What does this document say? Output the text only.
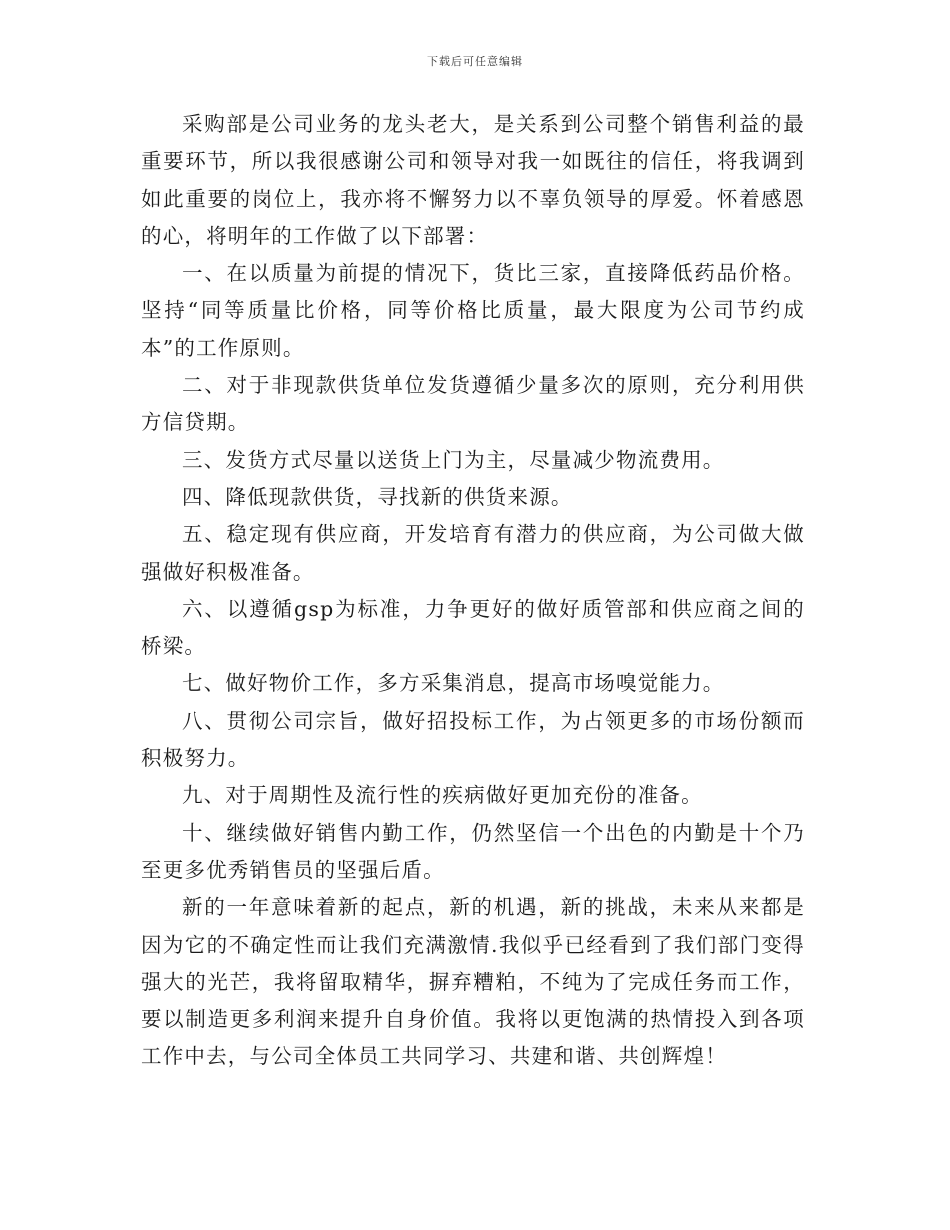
下载后可任意编辑

采购部是公司业务的龙头老大，是关系到公司整个销售利益的最重要环节，所以我很感谢公司和领导对我一如既往的信任，将我调到如此重要的岗位上，我亦将不懈努力以不辜负领导的厚爱。怀着感恩的心，将明年的工作做了以下部署：

一、在以质量为前提的情况下，货比三家，直接降低药品价格。坚持“同等质量比价格，同等价格比质量，最大限度为公司节约成本”的工作原则。

二、对于非现款供货单位发货遵循少量多次的原则，充分利用供方信贷期。

三、发货方式尽量以送货上门为主，尽量减少物流费用。

四、降低现款供货，寻找新的供货来源。

五、稳定现有供应商，开发培育有潜力的供应商，为公司做大做强做好积极准备。

六、以遵循gsp为标准，力争更好的做好质管部和供应商之间的桥梁。

七、做好物价工作，多方采集消息，提高市场嗅觉能力。

八、贯彻公司宗旨，做好招投标工作，为占领更多的市场份额而积极努力。

九、对于周期性及流行性的疾病做好更加充份的准备。

十、继续做好销售内勤工作，仍然坚信一个出色的内勤是十个乃至更多优秀销售员的坚强后盾。

新的一年意味着新的起点，新的机遇，新的挑战，未来从来都是因为它的不确定性而让我们充满激情.我似乎已经看到了我们部门变得强大的光芒，我将留取精华，摒弃糟粕，不纯为了完成任务而工作，要以制造更多利润来提升自身价值。我将以更饱满的热情投入到各项工作中去，与公司全体员工共同学习、共建和谐、共创辉煌！
